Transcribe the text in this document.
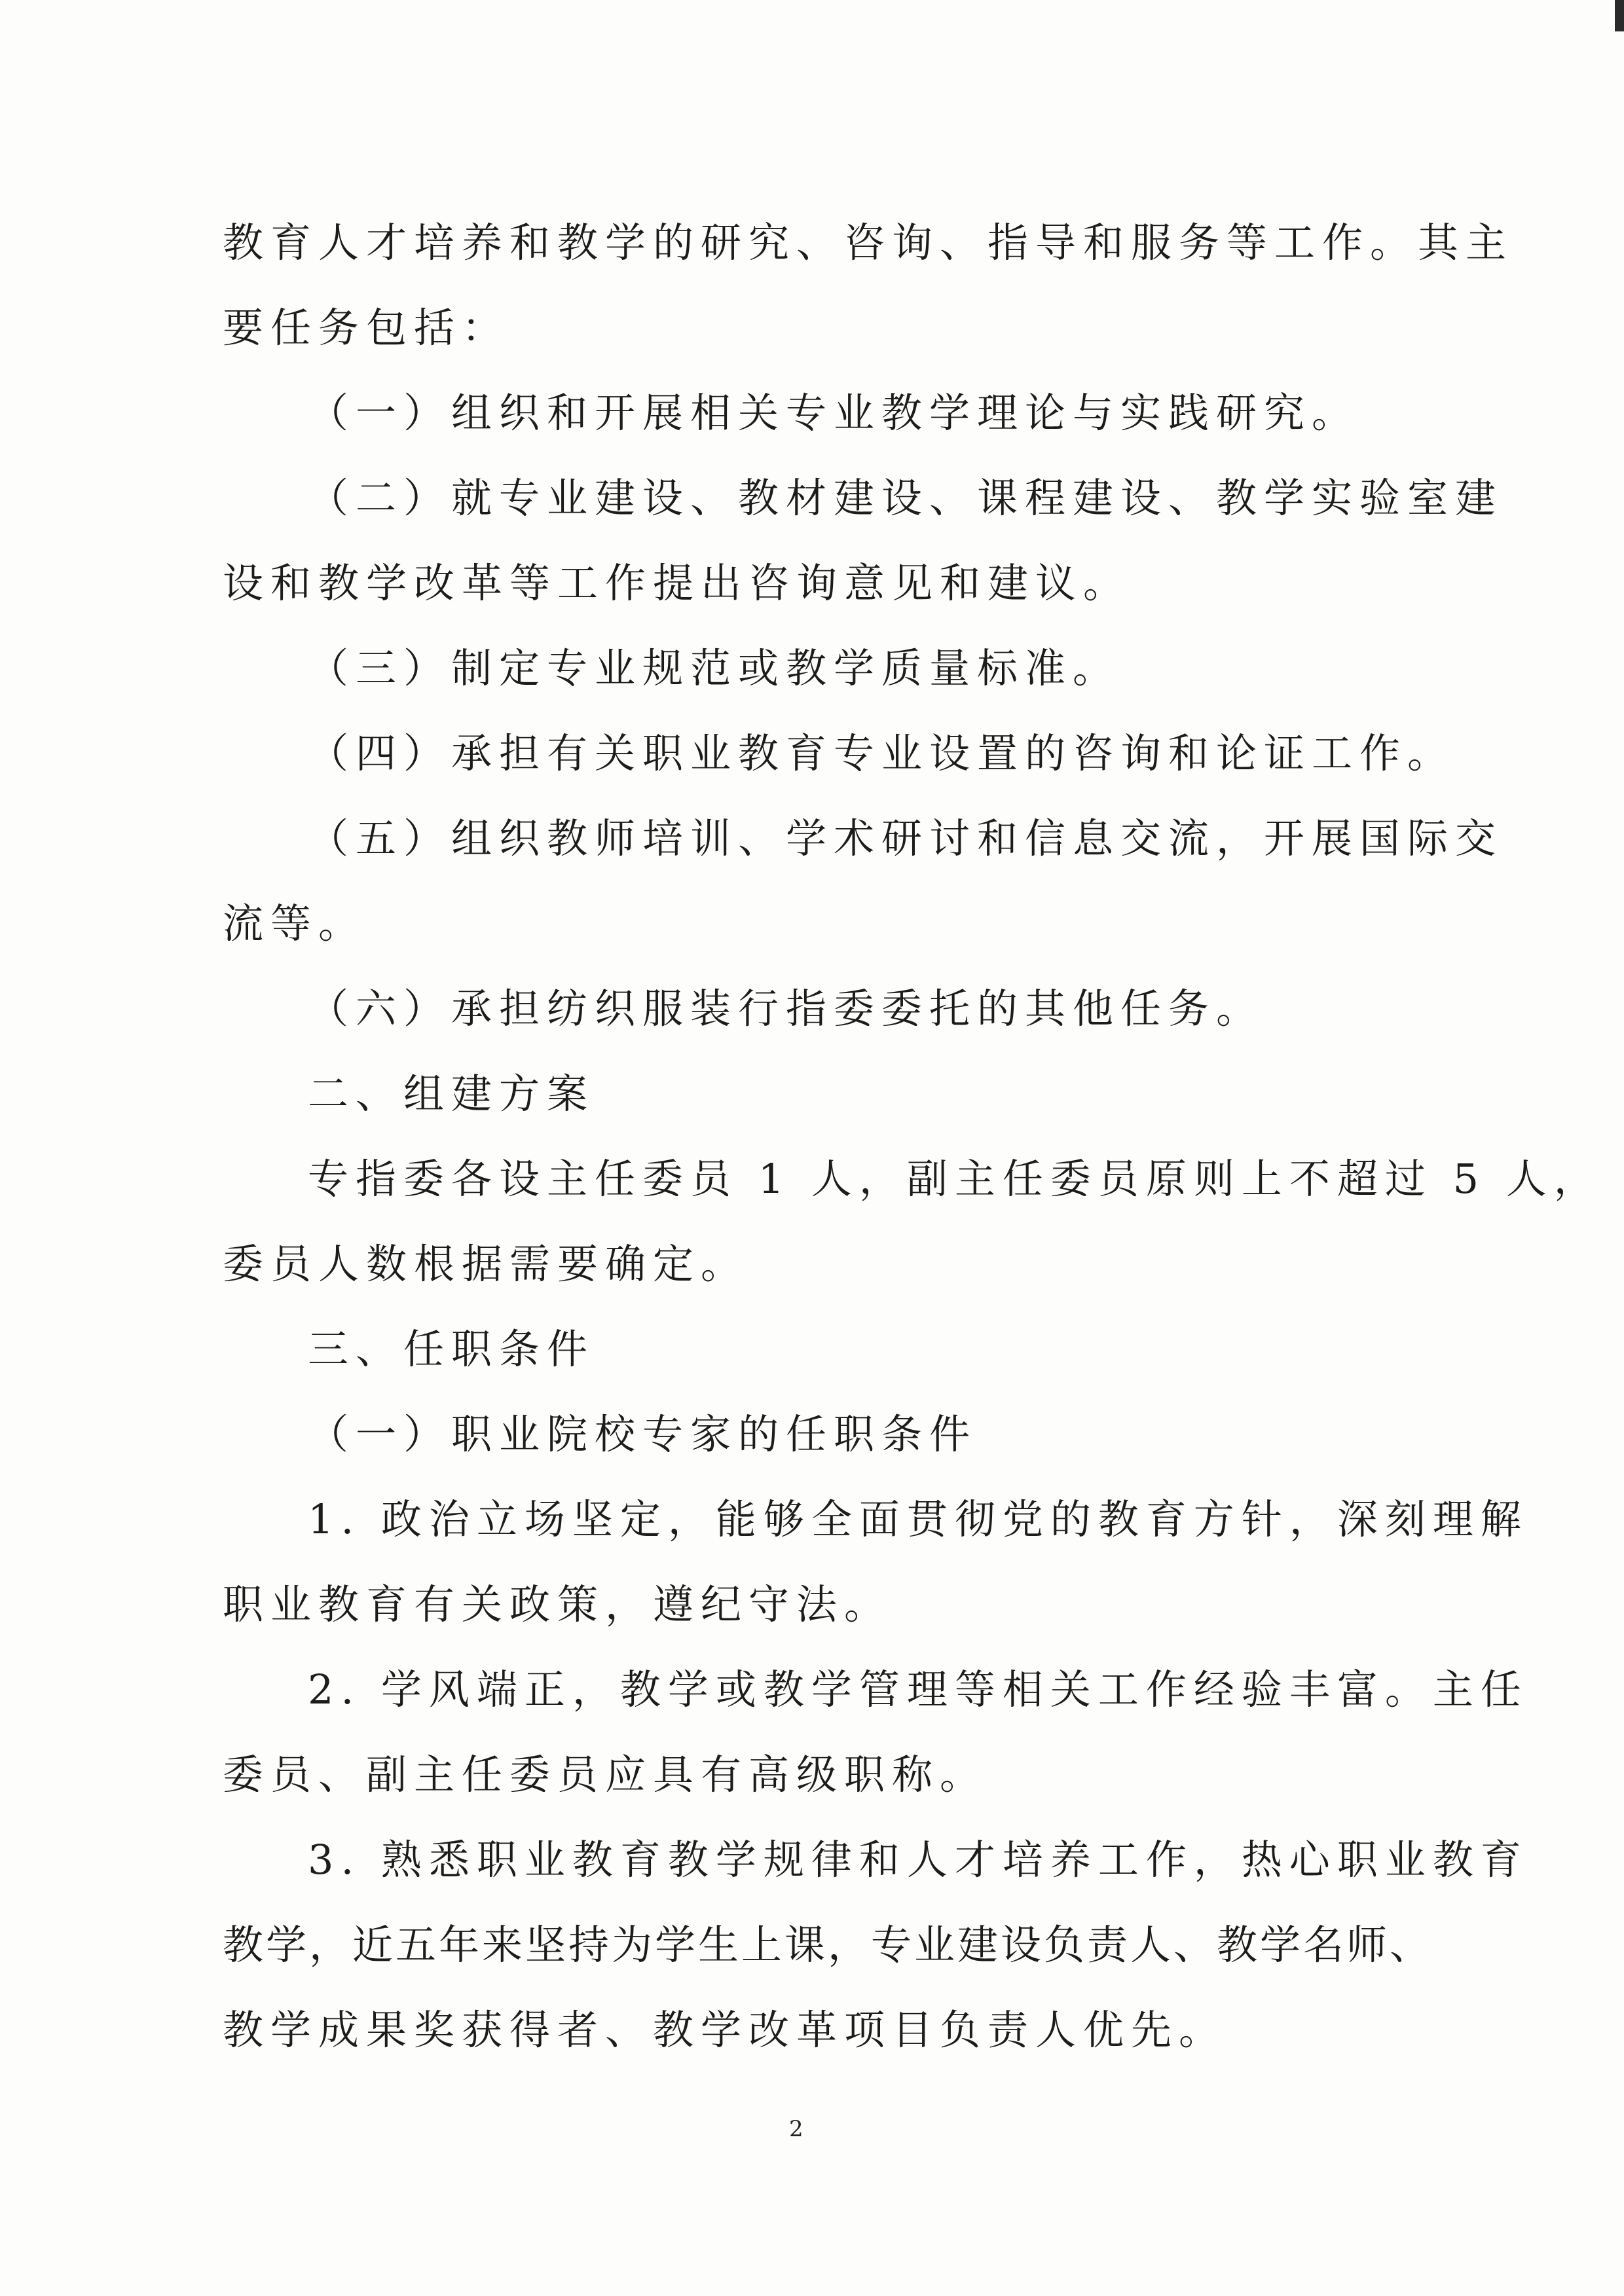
教育人才培养和教学的研究、咨询、指导和服务等工作。其主
要任务包括：
（一）组织和开展相关专业教学理论与实践研究。
（二）就专业建设、教材建设、课程建设、教学实验室建
设和教学改革等工作提出咨询意见和建议。
（三）制定专业规范或教学质量标准。
（四）承担有关职业教育专业设置的咨询和论证工作。
（五）组织教师培训、学术研讨和信息交流，开展国际交
流等。
（六）承担纺织服装行指委委托的其他任务。
二、组建方案
专指委各设主任委员 1 人，副主任委员原则上不超过 5 人，
委员人数根据需要确定。
三、任职条件
（一）职业院校专家的任职条件
1. 政治立场坚定，能够全面贯彻党的教育方针，深刻理解
职业教育有关政策，遵纪守法。
2. 学风端正，教学或教学管理等相关工作经验丰富。主任
委员、副主任委员应具有高级职称。
3. 熟悉职业教育教学规律和人才培养工作，热心职业教育
教学，近五年来坚持为学生上课，专业建设负责人、教学名师、
教学成果奖获得者、教学改革项目负责人优先。
2
